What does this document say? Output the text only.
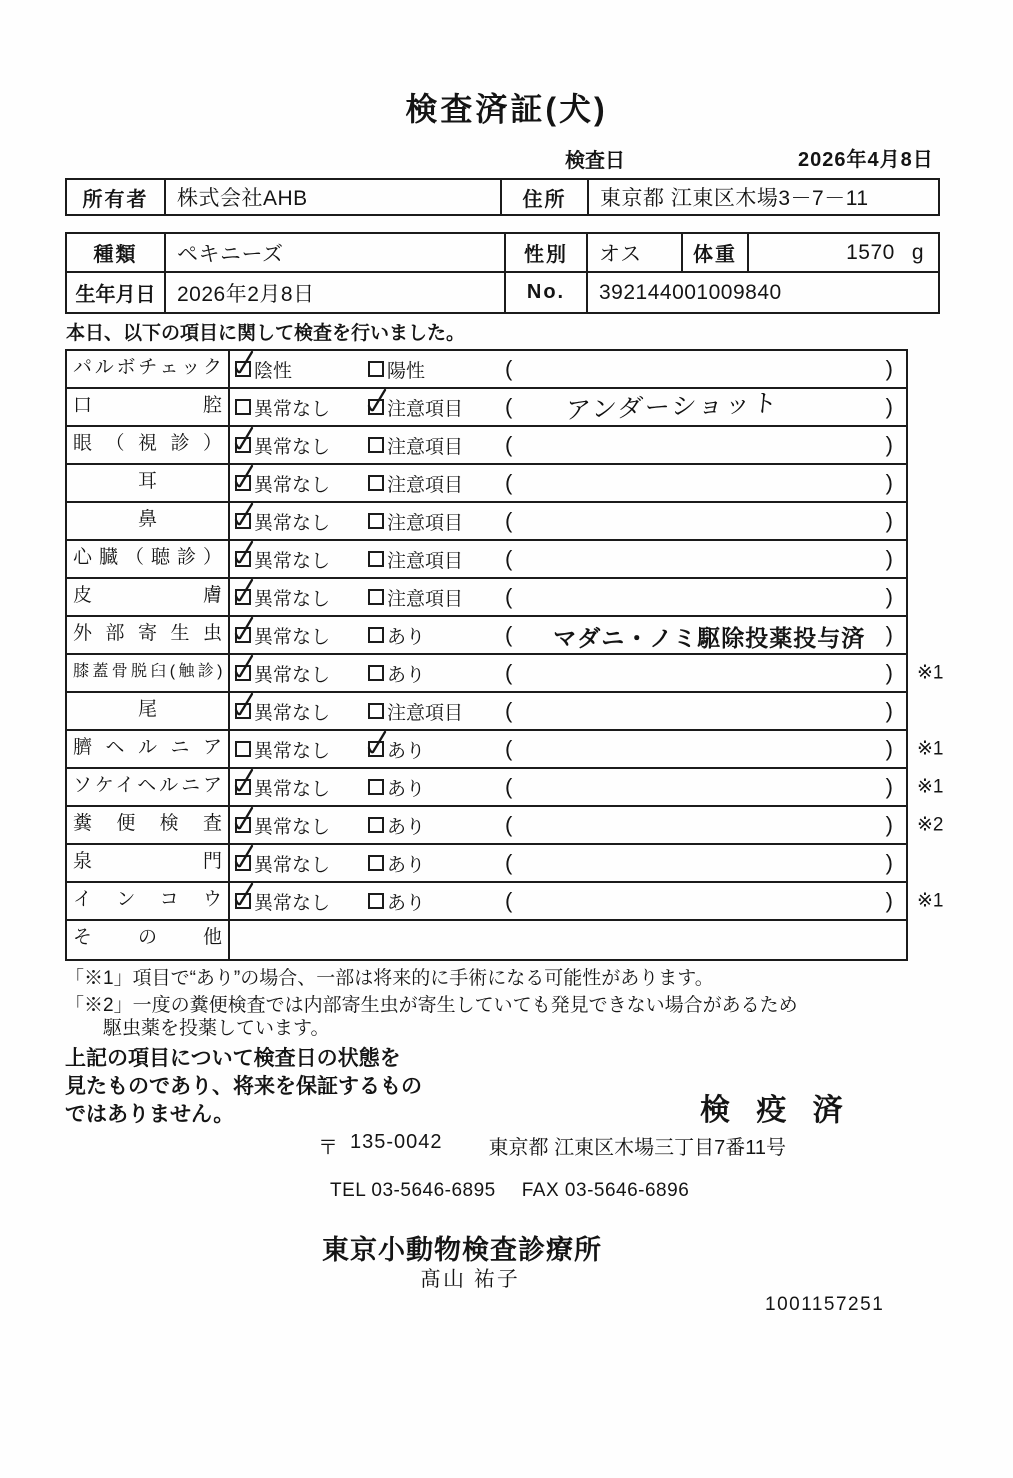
検査済証(犬)
検査日	2026年4月8日
所有者	株式会社AHB	住所	東京都 江東区木場3－7－11
種類	ペキニーズ	性別	オス	体重	1570 g
生年月日	2026年2月8日	No.	392144001009840
本日、以下の項目に関して検査を行いました。
パルボチェック	陰性	陽性	(	)
口腔	異常なし	注意項目 ( アンダーショット	)
眼（視診）	異常なし	注意項目 (	)
耳	異常なし	注意項目 (	)
鼻	異常なし	注意項目 (	)
心臓（聴診）	異常なし	注意項目 (	)
皮膚	異常なし	注意項目 (	)
外部寄生虫	異常なし	あり	( マダニ・ノミ駆除投薬投与済 )
膝蓋骨脱臼(触診)	異常なし	あり	(	) ※1
尾	異常なし	注意項目 (	)
臍ヘルニア	異常なし	あり	(	) ※1
ソケイヘルニア	異常なし	あり	(	) ※1
糞便検査	異常なし	あり	(	) ※2
泉門	異常なし	あり	(	)
インコウ	異常なし	あり	(	) ※1
その他
「※1」項目で“あり”の場合、一部は将来的に手術になる可能性があります。
「※2」一度の糞便検査では内部寄生虫が寄生していても発見できない場合があるため
駆虫薬を投薬しています。
上記の項目について検査日の状態を
見たものであり、将来を保証するもの
ではありません。	検 疫 済
〒 135-0042 東京都 江東区木場三丁目7番11号
TEL 03-5646-6895 FAX 03-5646-6896
東京小動物検査診療所
髙山 祐子
1001157251
